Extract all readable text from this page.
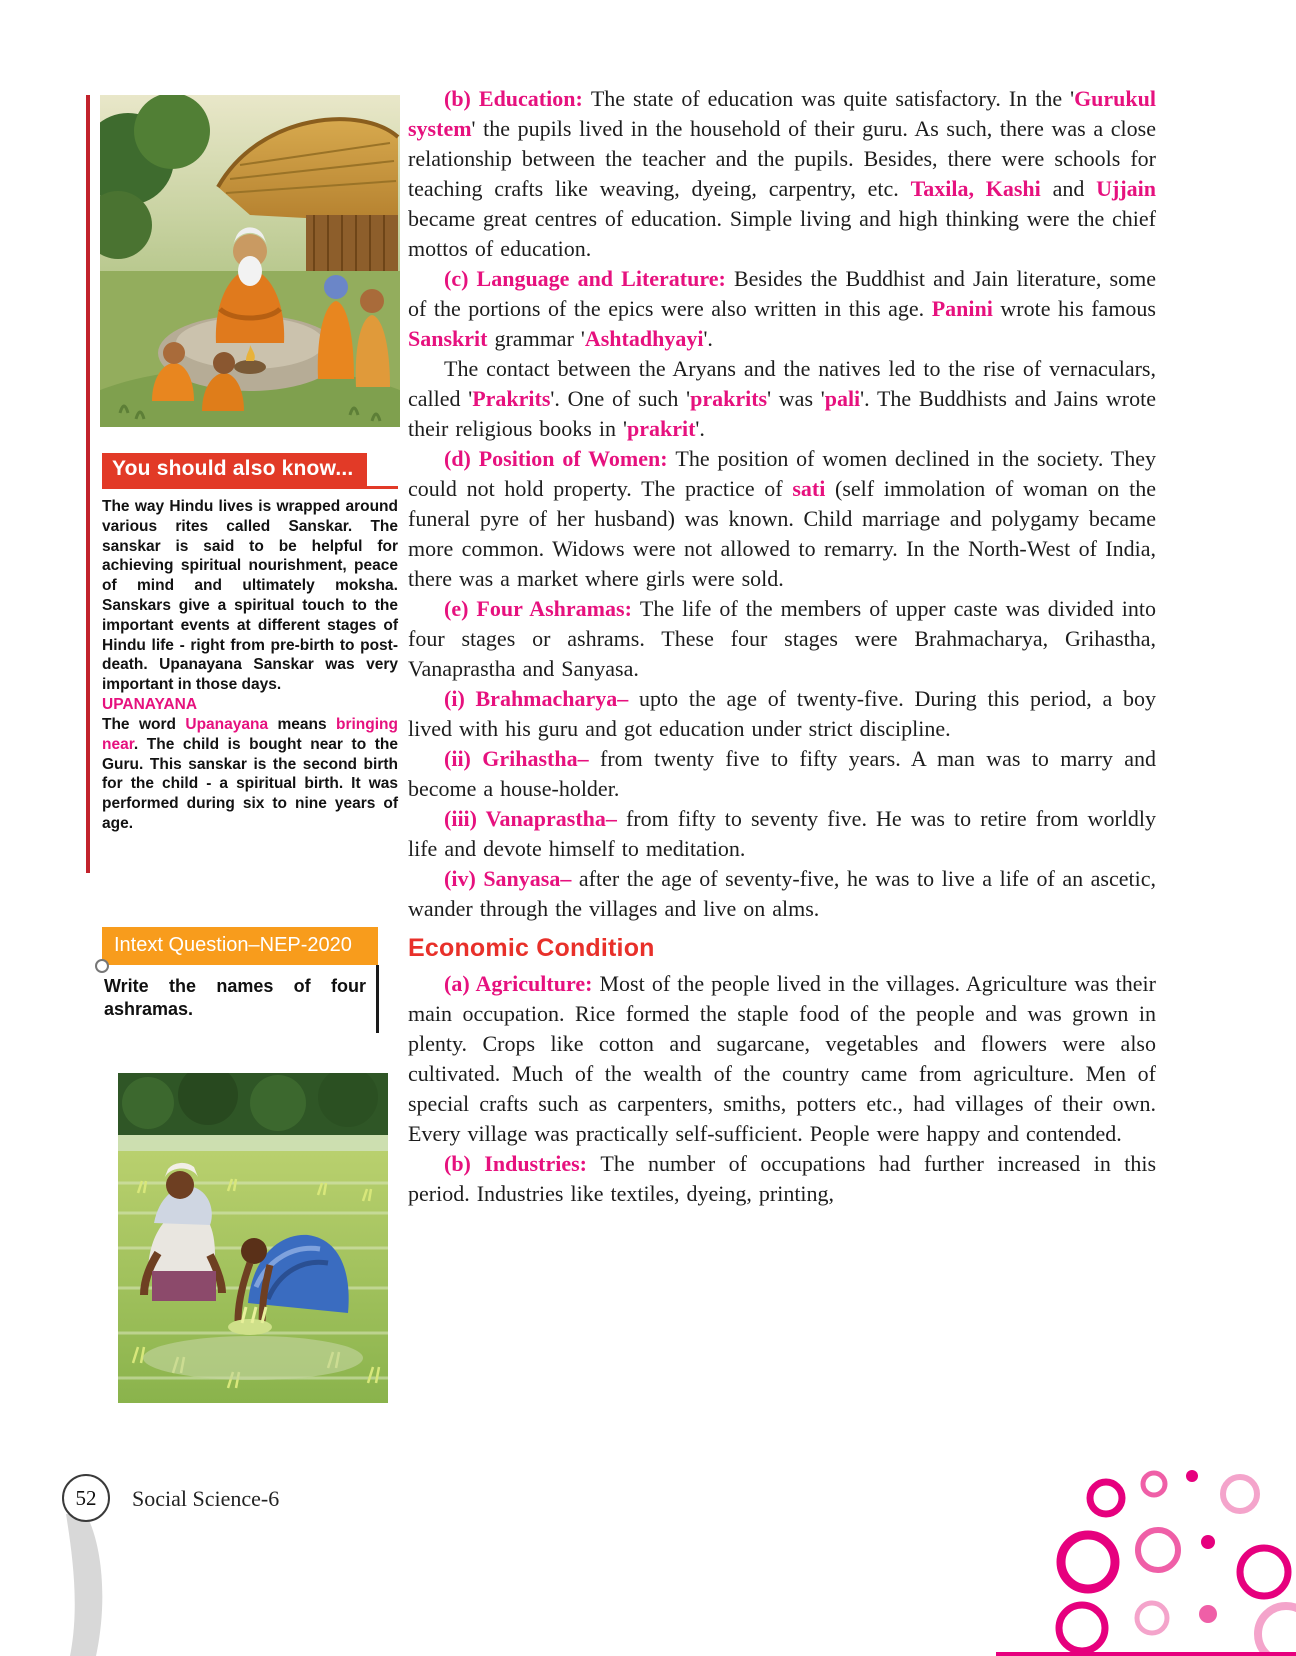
You should also know...
The way Hindu lives is wrapped around various rites called Sanskar. The sanskar is said to be helpful for achieving spiritual nourishment, peace of mind and ultimately moksha. Sanskars give a spiritual touch to the important events at different stages of Hindu life - right from pre-birth to post-death. Upanayana Sanskar was very important in those days.
UPANAYANA
The word Upanayana means bringing near. The child is bought near to the Guru. This sanskar is the second birth for the child - a spiritual birth. It was performed during six to nine years of age.
Intext Question–NEP-2020
Write the names of four ashramas.

(b) Education: The state of education was quite satisfactory. In the 'Gurukul system' the pupils lived in the household of their guru. As such, there was a close relationship between the teacher and the pupils. Besides, there were schools for teaching crafts like weaving, dyeing, carpentry, etc. Taxila, Kashi and Ujjain became great centres of education. Simple living and high thinking were the chief mottos of education.

(c) Language and Literature: Besides the Buddhist and Jain literature, some of the portions of the epics were also written in this age. Panini wrote his famous Sanskrit grammar 'Ashtadhyayi'.

The contact between the Aryans and the natives led to the rise of vernaculars, called 'Prakrits'. One of such 'prakrits' was 'pali'. The Buddhists and Jains wrote their religious books in 'prakrit'.

(d) Position of Women: The position of women declined in the society. They could not hold property. The practice of sati (self immolation of woman on the funeral pyre of her husband) was known. Child marriage and polygamy became more common. Widows were not allowed to remarry. In the North-West of India, there was a market where girls were sold.

(e) Four Ashramas: The life of the members of upper caste was divided into four stages or ashrams. These four stages were Brahmacharya, Grihastha, Vanaprastha and Sanyasa.

(i) Brahmacharya– upto the age of twenty-five. During this period, a boy lived with his guru and got education under strict discipline.

(ii) Grihastha– from twenty five to fifty years. A man was to marry and become a house-holder.

(iii) Vanaprastha– from fifty to seventy five. He was to retire from worldly life and devote himself to meditation.

(iv) Sanyasa– after the age of seventy-five, he was to live a life of an ascetic, wander through the villages and live on alms.

Economic Condition

(a) Agriculture: Most of the people lived in the villages. Agriculture was their main occupation. Rice formed the staple food of the people and was grown in plenty. Crops like cotton and sugarcane, vegetables and flowers were also cultivated. Much of the wealth of the country came from agriculture. Men of special crafts such as carpenters, smiths, potters etc., had villages of their own. Every village was practically self-sufficient. People were happy and contended.

(b) Industries: The number of occupations had further increased in this period. Industries like textiles, dyeing, printing,

52	Social Science-6
